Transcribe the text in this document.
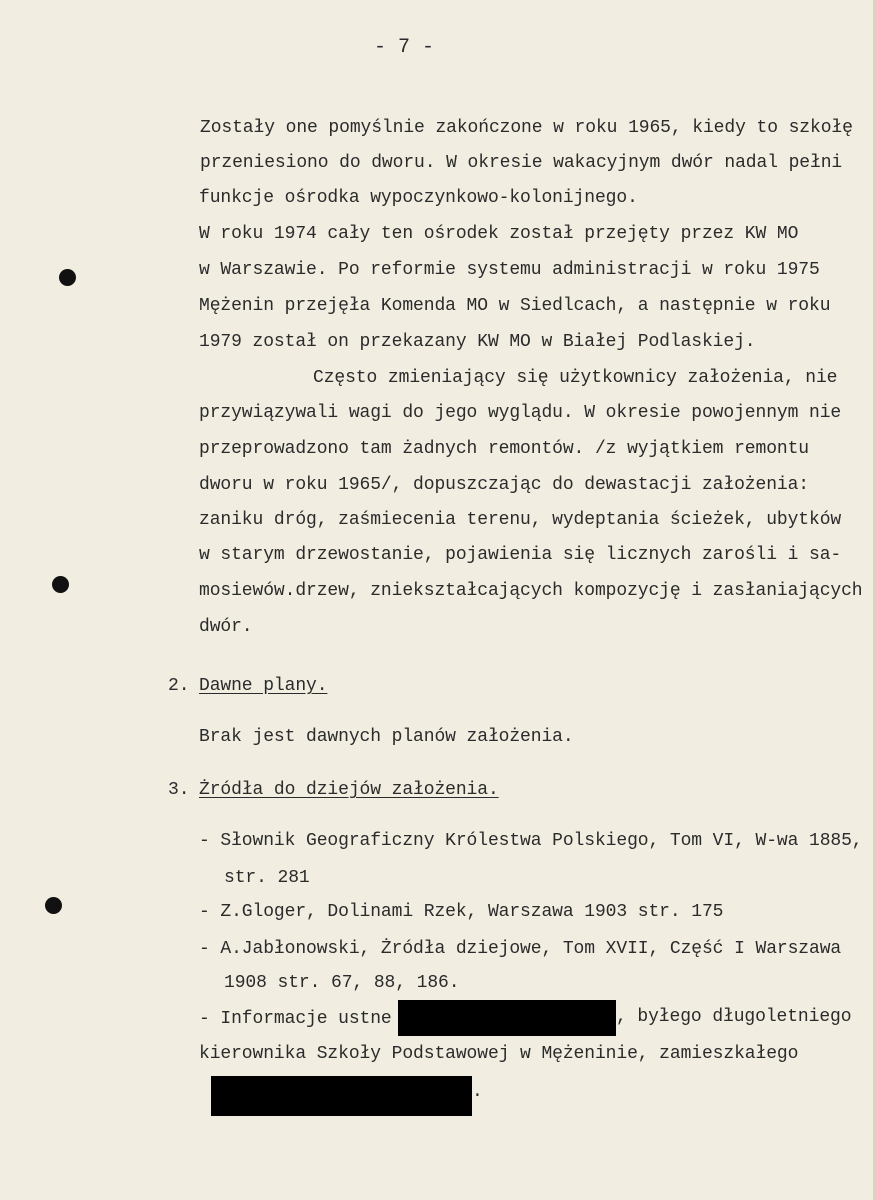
- 7 -
Zostały one pomyślnie zakończone w roku 1965, kiedy to szkołę
przeniesiono do dworu. W okresie wakacyjnym dwór nadal pełni
funkcje ośrodka wypoczynkowo-kolonijnego.
W roku 1974 cały ten ośrodek został przejęty przez KW MO
w Warszawie. Po reformie systemu administracji w roku 1975
Mężenin przejęła Komenda MO w Siedlcach, a następnie w roku
1979 został on przekazany KW MO w Białej Podlaskiej.
Często zmieniający się użytkownicy założenia, nie
przywiązywali wagi do jego wyglądu. W okresie powojennym nie
przeprowadzono tam żadnych remontów. /z wyjątkiem remontu
dworu w roku 1965/, dopuszczając do dewastacji założenia:
zaniku dróg, zaśmiecenia terenu, wydeptania ścieżek, ubytków
w starym drzewostanie, pojawienia się licznych zarośli i sa-
mosiewów.drzew, zniekształcających kompozycję i zasłaniających
dwór.
2. Dawne plany.
Brak jest dawnych planów założenia.
3. Żródła do dziejów założenia.
- Słownik Geograficzny Królestwa Polskiego, Tom VI, W-wa 1885,
str. 281
- Z.Gloger, Dolinami Rzek, Warszawa 1903 str. 175
- A.Jabłonowski, Żródła dziejowe, Tom XVII, Część I Warszawa
1908 str. 67, 88, 186.
- Informacje ustne	, byłego długoletniego
kierownika Szkoły Podstawowej w Mężeninie, zamieszkałego
.
